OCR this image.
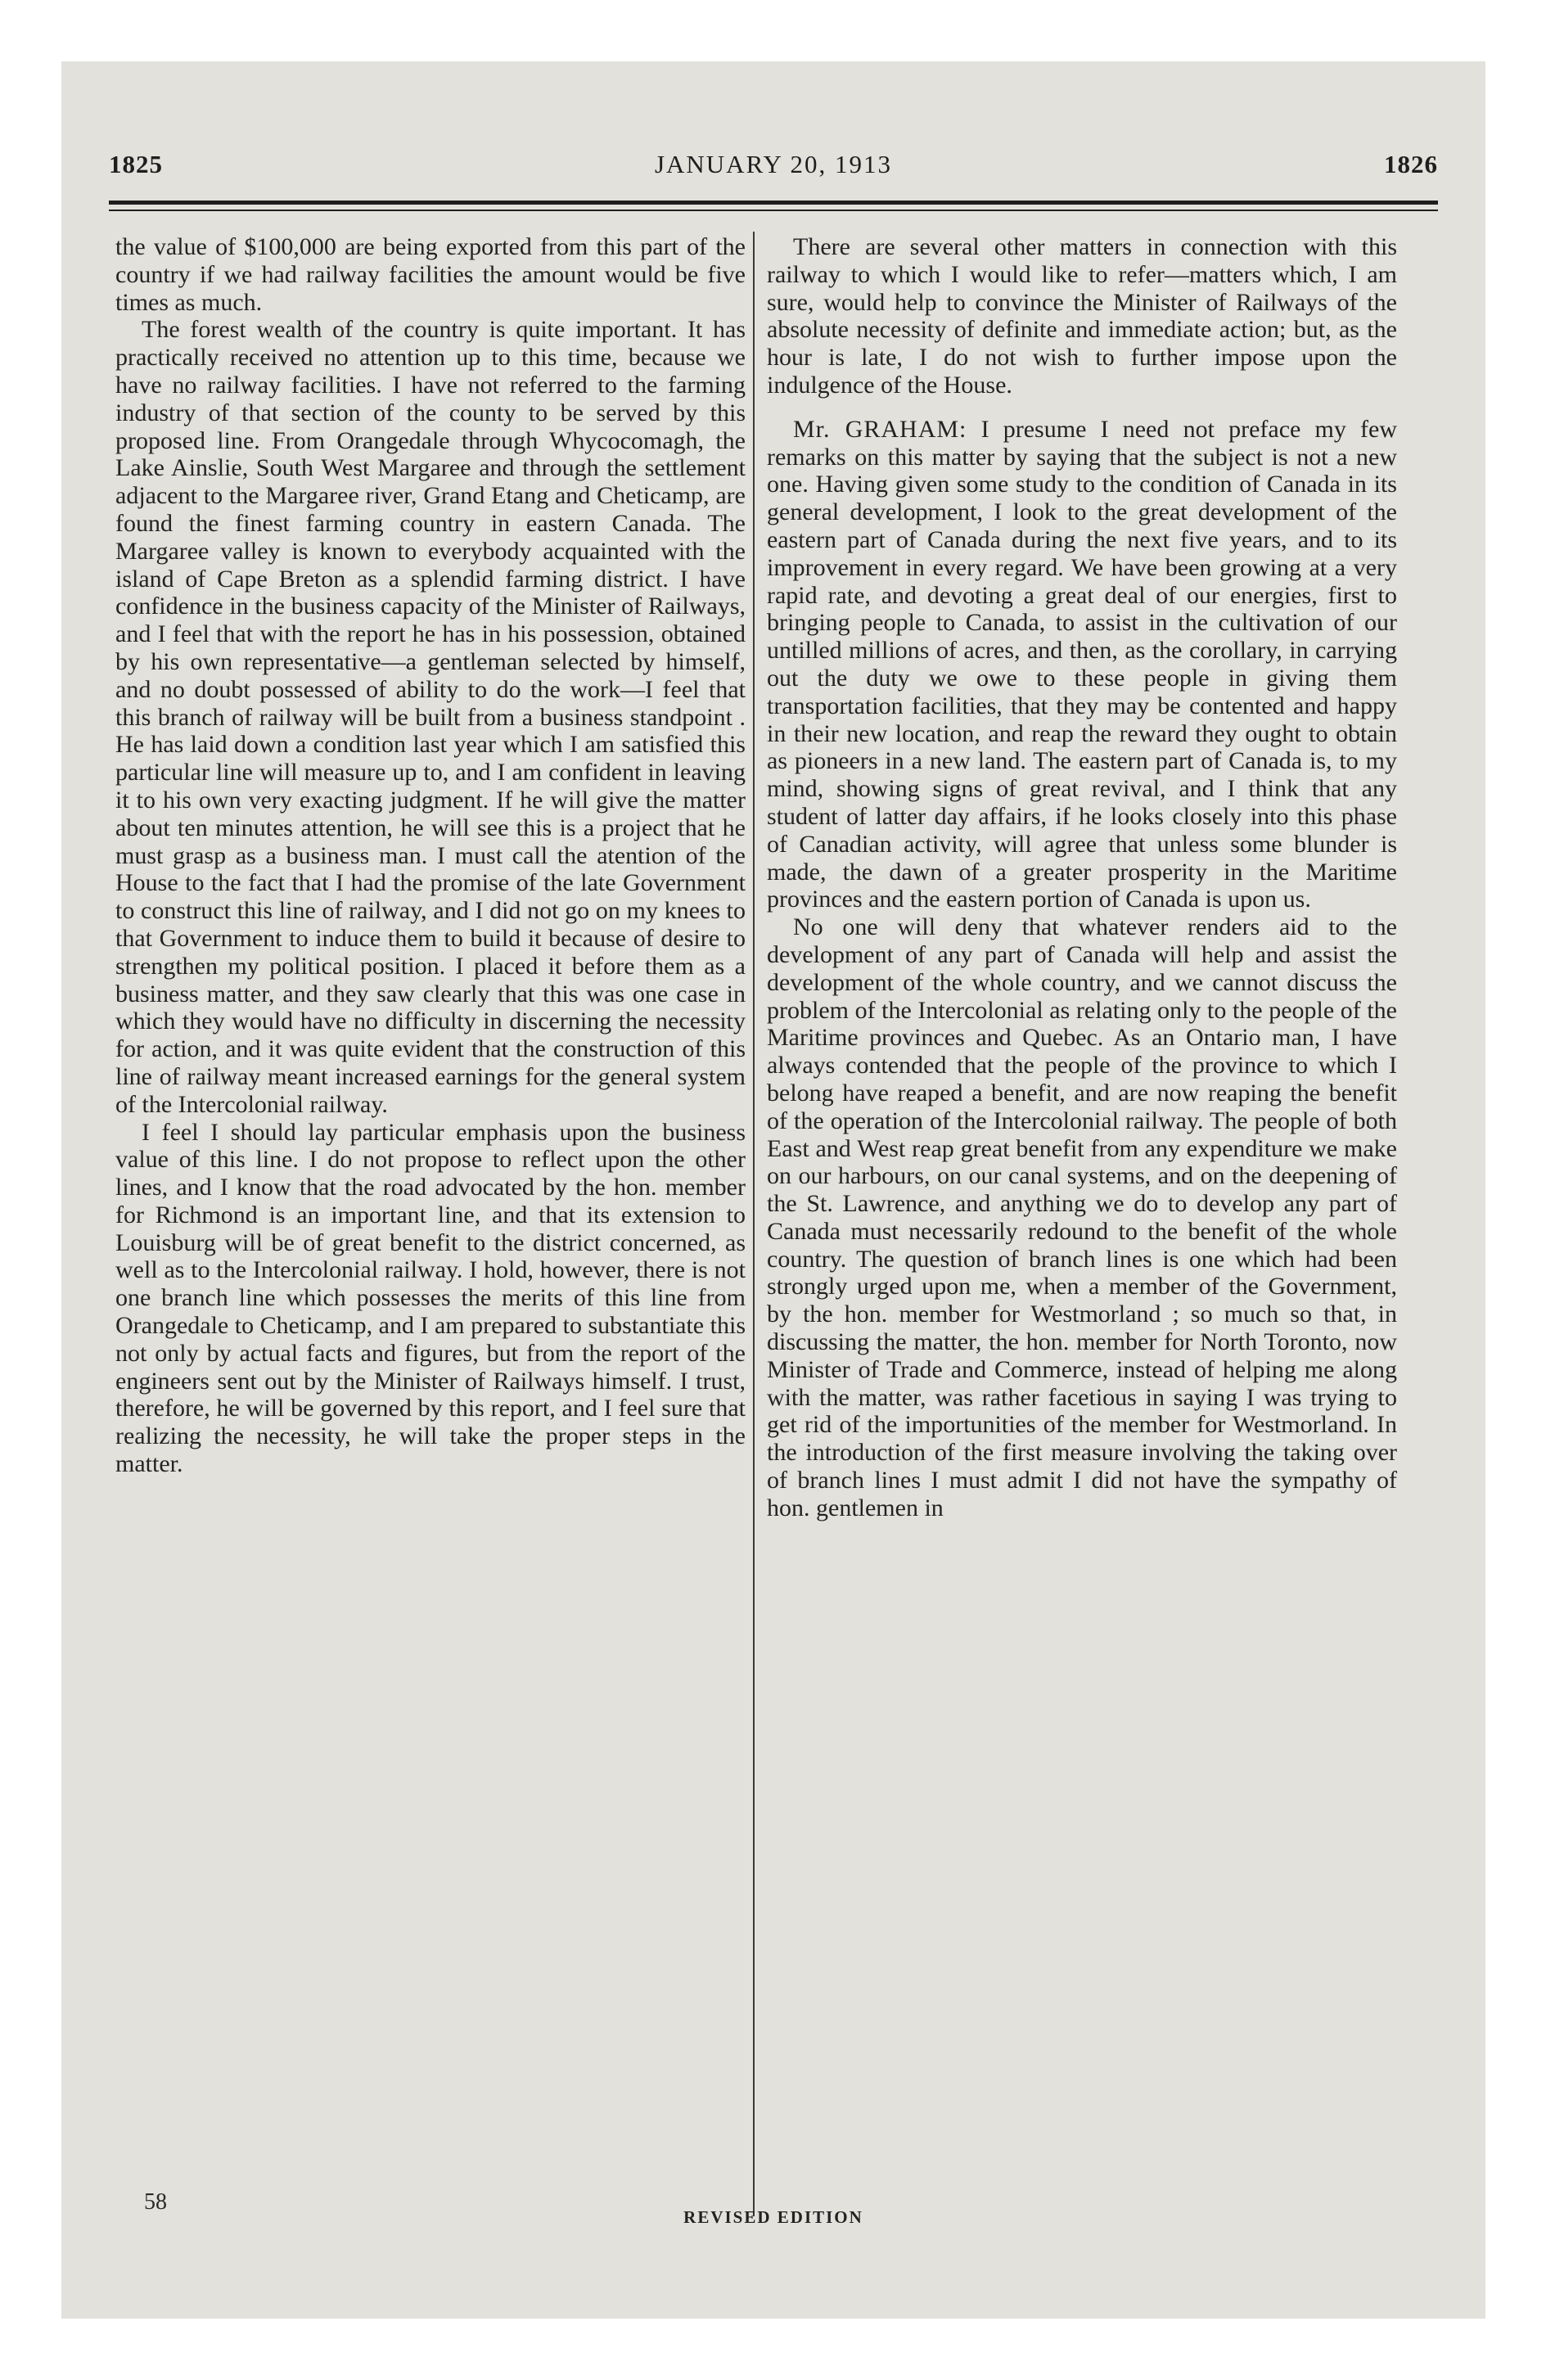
1825	JANUARY 20, 1913	1826

the value of $100,000 are being exported from this part of the country if we had railway facilities the amount would be five times as much.

The forest wealth of the country is quite important. It has practically received no attention up to this time, because we have no railway facilities. I have not referred to the farming industry of that section of the county to be served by this proposed line. From Orangedale through Whycocomagh, the Lake Ainslie, South West Margaree and through the settlement adjacent to the Margaree river, Grand Etang and Cheticamp, are found the finest farming country in eastern Canada. The Margaree valley is known to everybody acquainted with the island of Cape Breton as a splendid farming district. I have confidence in the business capacity of the Minister of Railways, and I feel that with the report he has in his possession, obtained by his own representative—a gentleman selected by himself, and no doubt possessed of ability to do the work—I feel that this branch of railway will be built from a business standpoint . He has laid down a condition last year which I am satisfied this particular line will measure up to, and I am confident in leaving it to his own very exacting judgment. If he will give the matter about ten minutes attention, he will see this is a project that he must grasp as a business man. I must call the atention of the House to the fact that I had the promise of the late Government to construct this line of railway, and I did not go on my knees to that Government to induce them to build it because of desire to strengthen my political position. I placed it before them as a business matter, and they saw clearly that this was one case in which they would have no difficulty in discerning the necessity for action, and it was quite evident that the construction of this line of railway meant increased earnings for the general system of the Intercolonial railway.

I feel I should lay particular emphasis upon the business value of this line. I do not propose to reflect upon the other lines, and I know that the road advocated by the hon. member for Richmond is an important line, and that its extension to Louisburg will be of great benefit to the district concerned, as well as to the Intercolonial railway. I hold, however, there is not one branch line which possesses the merits of this line from Orangedale to Cheticamp, and I am prepared to substantiate this not only by actual facts and figures, but from the report of the engineers sent out by the Minister of Railways himself. I trust, therefore, he will be governed by this report, and I feel sure that realizing the necessity, he will take the proper steps in the matter.

There are several other matters in connection with this railway to which I would like to refer—matters which, I am sure, would help to convince the Minister of Railways of the absolute necessity of definite and immediate action; but, as the hour is late, I do not wish to further impose upon the indulgence of the House.

Mr. GRAHAM: I presume I need not preface my few remarks on this matter by saying that the subject is not a new one. Having given some study to the condition of Canada in its general development, I look to the great development of the eastern part of Canada during the next five years, and to its improvement in every regard. We have been growing at a very rapid rate, and devoting a great deal of our energies, first to bringing people to Canada, to assist in the cultivation of our untilled millions of acres, and then, as the corollary, in carrying out the duty we owe to these people in giving them transportation facilities, that they may be contented and happy in their new location, and reap the reward they ought to obtain as pioneers in a new land. The eastern part of Canada is, to my mind, showing signs of great revival, and I think that any student of latter day affairs, if he looks closely into this phase of Canadian activity, will agree that unless some blunder is made, the dawn of a greater prosperity in the Maritime provinces and the eastern portion of Canada is upon us.

No one will deny that whatever renders aid to the development of any part of Canada will help and assist the development of the whole country, and we cannot discuss the problem of the Intercolonial as relating only to the people of the Maritime provinces and Quebec. As an Ontario man, I have always contended that the people of the province to which I belong have reaped a benefit, and are now reaping the benefit of the operation of the Intercolonial railway. The people of both East and West reap great benefit from any expenditure we make on our harbours, on our canal systems, and on the deepening of the St. Lawrence, and anything we do to develop any part of Canada must necessarily redound to the benefit of the whole country. The question of branch lines is one which had been strongly urged upon me, when a member of the Government, by the hon. member for Westmorland ; so much so that, in discussing the matter, the hon. member for North Toronto, now Minister of Trade and Commerce, instead of helping me along with the matter, was rather facetious in saying I was trying to get rid of the importunities of the member for Westmorland. In the introduction of the first measure involving the taking over of branch lines I must admit I did not have the sympathy of hon. gentlemen in

58
REVISED EDITION
